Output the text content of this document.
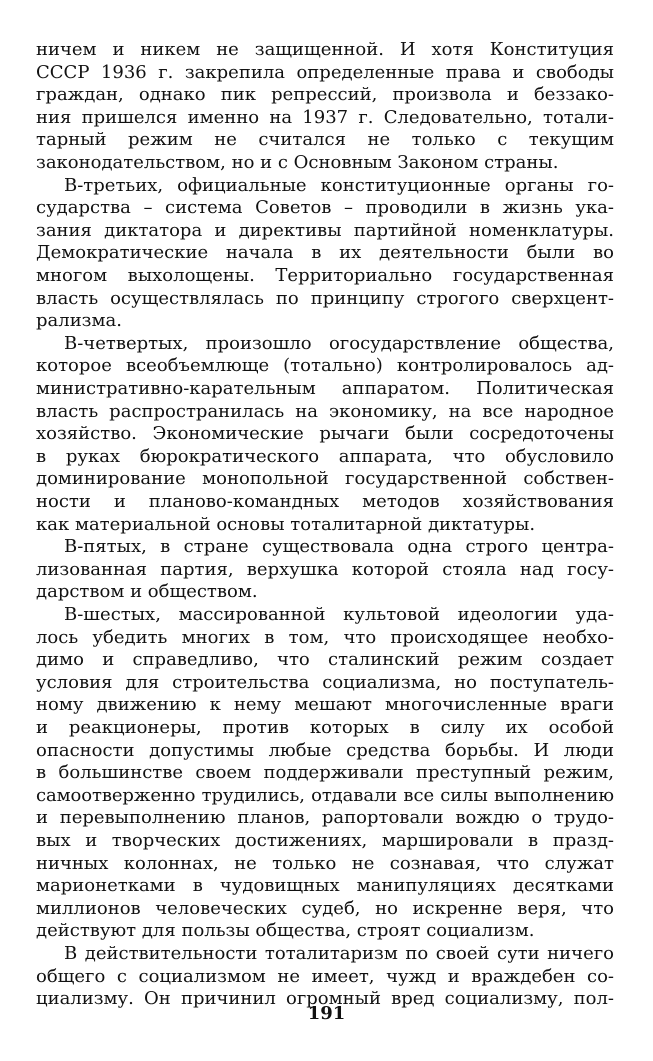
ничем и никем не защищенной. И хотя Конституция
СССР 1936 г. закрепила определенные права и свободы
граждан, однако пик репрессий, произвола и беззако-
ния пришелся именно на 1937 г. Следовательно, тотали-
тарный режим не считался не только с текущим
законодательством, но и с Основным Законом страны.
В-третьих, официальные конституционные органы го-
сударства – система Советов – проводили в жизнь ука-
зания диктатора и директивы партийной номенклатуры.
Демократические начала в их деятельности были во
многом выхолощены. Территориально государственная
власть осуществлялась по принципу строгого сверхцент-
рализма.
В-четвертых, произошло огосударствление общества,
которое всеобъемлюще (тотально) контролировалось ад-
министративно-карательным аппаратом. Политическая
власть распространилась на экономику, на все народное
хозяйство. Экономические рычаги были сосредоточены
в руках бюрократического аппарата, что обусловило
доминирование монопольной государственной собствен-
ности и планово-командных методов хозяйствования
как материальной основы тоталитарной диктатуры.
В-пятых, в стране существовала одна строго центра-
лизованная партия, верхушка которой стояла над госу-
дарством и обществом.
В-шестых, массированной культовой идеологии уда-
лось убедить многих в том, что происходящее необхо-
димо и справедливо, что сталинский режим создает
условия для строительства социализма, но поступатель-
ному движению к нему мешают многочисленные враги
и реакционеры, против которых в силу их особой
опасности допустимы любые средства борьбы. И люди
в большинстве своем поддерживали преступный режим,
самоотверженно трудились, отдавали все силы выполнению
и перевыполнению планов, рапортовали вождю о трудо-
вых и творческих достижениях, маршировали в празд-
ничных колоннах, не только не сознавая, что служат
марионетками в чудовищных манипуляциях десятками
миллионов человеческих судеб, но искренне веря, что
действуют для пользы общества, строят социализм.
В действительности тоталитаризм по своей сути ничего
общего с социализмом не имеет, чужд и враждебен со-
циализму. Он причинил огромный вред социализму, пол-
191
